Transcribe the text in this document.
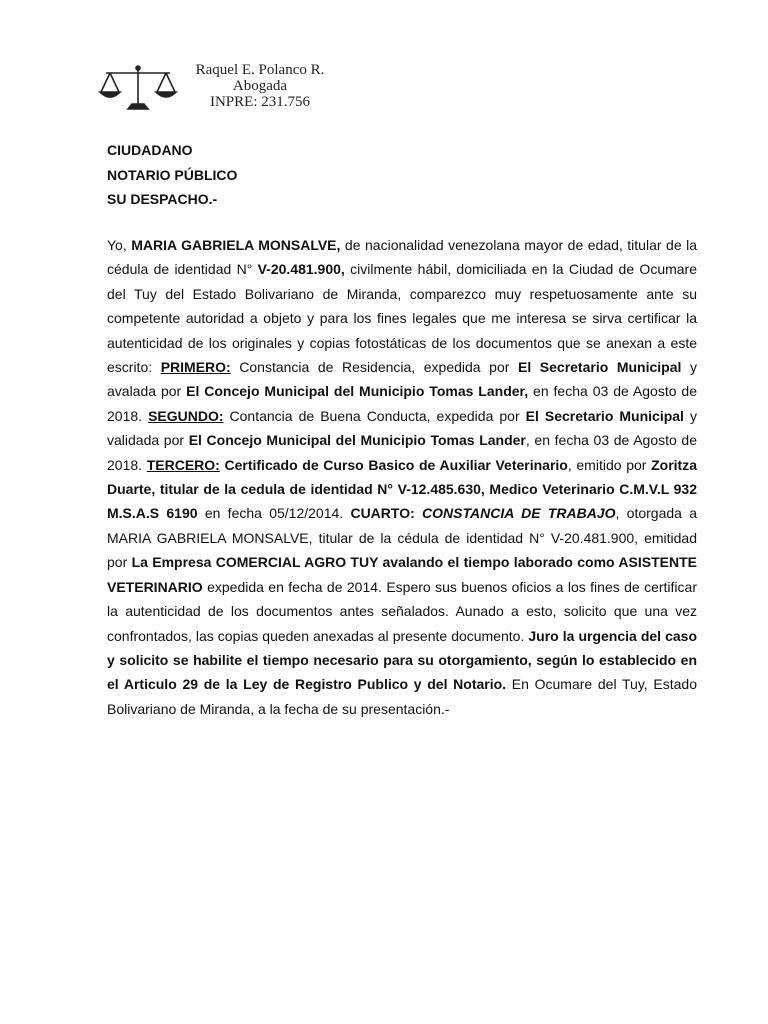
Raquel E. Polanco R.
Abogada
INPRE: 231.756
CIUDADANO
NOTARIO PÚBLICO
SU DESPACHO.-
Yo, MARIA GABRIELA MONSALVE, de nacionalidad venezolana mayor de edad, titular de la cédula de identidad N° V-20.481.900, civilmente hábil, domiciliada en la Ciudad de Ocumare del Tuy del Estado Bolivariano de Miranda, comparezco muy respetuosamente ante su competente autoridad a objeto y para los fines legales que me interesa se sirva certificar la autenticidad de los originales y copias fotostáticas de los documentos que se anexan a este escrito: PRIMERO: Constancia de Residencia, expedida por El Secretario Municipal y avalada por El Concejo Municipal del Municipio Tomas Lander, en fecha 03 de Agosto de 2018. SEGUNDO: Contancia de Buena Conducta, expedida por El Secretario Municipal y validada por El Concejo Municipal del Municipio Tomas Lander, en fecha 03 de Agosto de 2018. TERCERO: Certificado de Curso Basico de Auxiliar Veterinario, emitido por Zoritza Duarte, titular de la cedula de identidad N° V-12.485.630, Medico Veterinario C.M.V.L 932 M.S.A.S 6190 en fecha 05/12/2014. CUARTO: CONSTANCIA DE TRABAJO, otorgada a MARIA GABRIELA MONSALVE, titular de la cédula de identidad N° V-20.481.900, emitidad por La Empresa COMERCIAL AGRO TUY avalando el tiempo laborado como ASISTENTE VETERINARIO expedida en fecha de 2014. Espero sus buenos oficios a los fines de certificar la autenticidad de los documentos antes señalados. Aunado a esto, solicito que una vez confrontados, las copias queden anexadas al presente documento. Juro la urgencia del caso y solicito se habilite el tiempo necesario para su otorgamiento, según lo establecido en el Articulo 29 de la Ley de Registro Publico y del Notario. En Ocumare del Tuy, Estado Bolivariano de Miranda, a la fecha de su presentación.-
